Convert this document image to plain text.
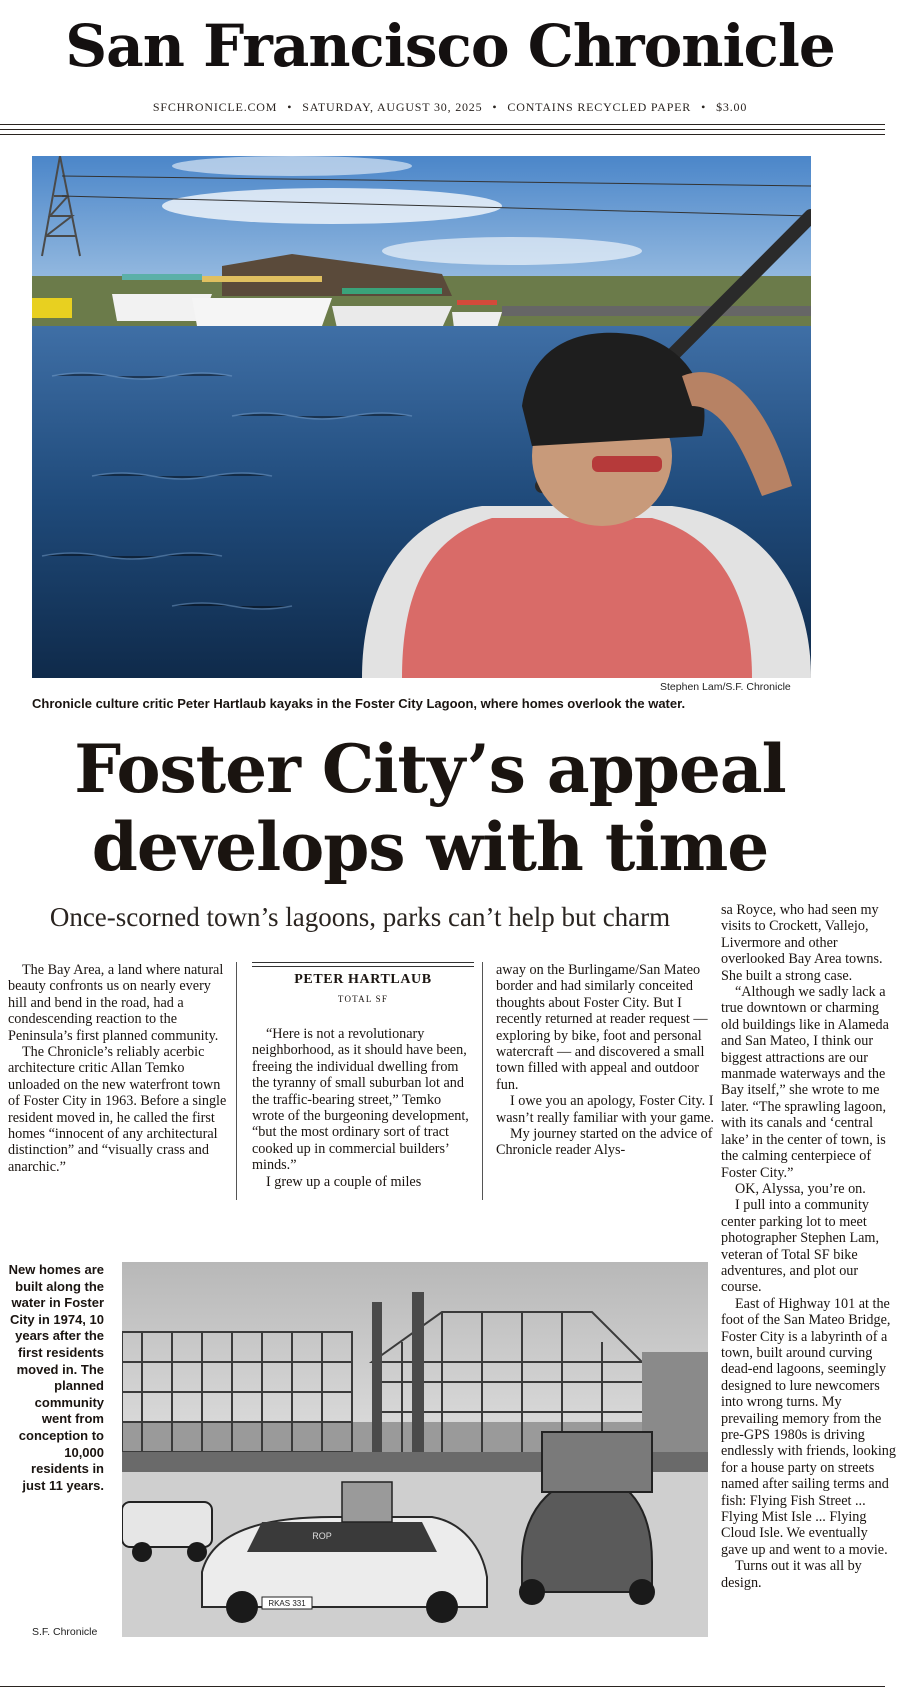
San Francisco Chronicle
SFCHRONICLE.COM • SATURDAY, AUGUST 30, 2025 • CONTAINS RECYCLED PAPER • $3.00
Stephen Lam/S.F. Chronicle
Chronicle culture critic Peter Hartlaub kayaks in the Foster City Lagoon, where homes overlook the water.
Foster City’s appeal
develops with time
Once-scorned town’s lagoons, parks can’t help but charm

The Bay Area, a land where natural beauty confronts us on nearly every hill and bend in the road, had a condescending reaction to the Peninsula’s first planned community.

The Chronicle’s reliably acerbic architecture critic Allan Temko unloaded on the new waterfront town of Foster City in 1963. Before a single resident moved in, he called the first homes “innocent of any architectural distinction” and “visually crass and anarchic.”

PETER HARTLAUB
TOTAL SF

“Here is not a revolutionary neighborhood, as it should have been, freeing the individual dwelling from the tyranny of small suburban lot and the traffic-bearing street,” Temko wrote of the burgeoning development, “but the most ordinary sort of tract cooked up in commercial builders’ minds.”

I grew up a couple of miles

away on the Burlingame/San Mateo border and had similarly conceited thoughts about Foster City. But I recently returned at reader request — exploring by bike, foot and personal watercraft — and discovered a small town filled with appeal and outdoor fun.

I owe you an apology, Foster City. I wasn’t really familiar with your game.

My journey started on the advice of Chronicle reader Alys-

sa Royce, who had seen my visits to Crockett, Vallejo, Livermore and other overlooked Bay Area towns. She built a strong case.

“Although we sadly lack a true downtown or charming old buildings like in Alameda and San Mateo, I think our biggest attractions are our manmade waterways and the Bay itself,” she wrote to me later. “The sprawling lagoon, with its canals and ‘central lake’ in the center of town, is the calming centerpiece of Foster City.”

OK, Alyssa, you’re on.

I pull into a community center parking lot to meet photographer Stephen Lam, veteran of Total SF bike adventures, and plot our course.

East of Highway 101 at the foot of the San Mateo Bridge, Foster City is a labyrinth of a town, built around curving dead-end lagoons, seemingly designed to lure newcomers into wrong turns. My prevailing memory from the pre-GPS 1980s is driving endlessly with friends, looking for a house party on streets named after sailing terms and fish: Flying Fish Street ... Flying Mist Isle ... Flying Cloud Isle. We eventually gave up and went to a movie.

Turns out it was all by design.

New homes are built along the water in Foster City in 1974, 10 years after the first residents moved in. The planned community went from conception to 10,000 residents in just 11 years.
S.F. Chronicle
RKAS 331
ROP
